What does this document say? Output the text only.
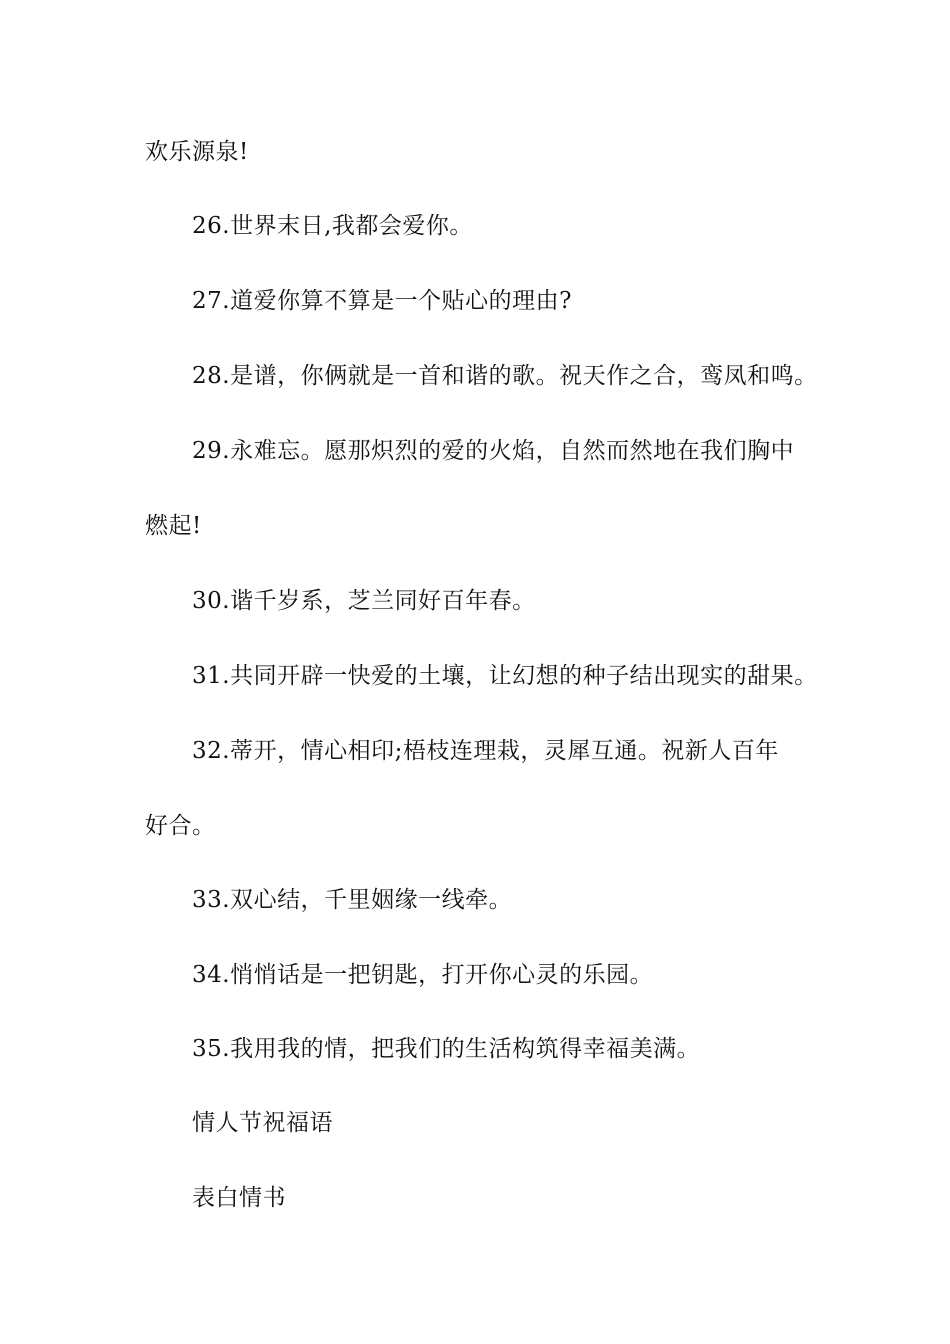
欢乐源泉!
26.世界末日,我都会爱你。
27.道爱你算不算是一个贴心的理由?
28.是谱，你俩就是一首和谐的歌。祝天作之合，鸾凤和鸣。
29.永难忘。愿那炽烈的爱的火焰，自然而然地在我们胸中
燃起!
30.谐千岁系，芝兰同好百年春。
31.共同开辟一快爱的土壤，让幻想的种子结出现实的甜果。
32.蒂开，情心相印;梧枝连理栽，灵犀互通。祝新人百年
好合。
33.双心结，千里姻缘一线牵。
34.悄悄话是一把钥匙，打开你心灵的乐园。
35.我用我的情，把我们的生活构筑得幸福美满。
情人节祝福语
表白情书
